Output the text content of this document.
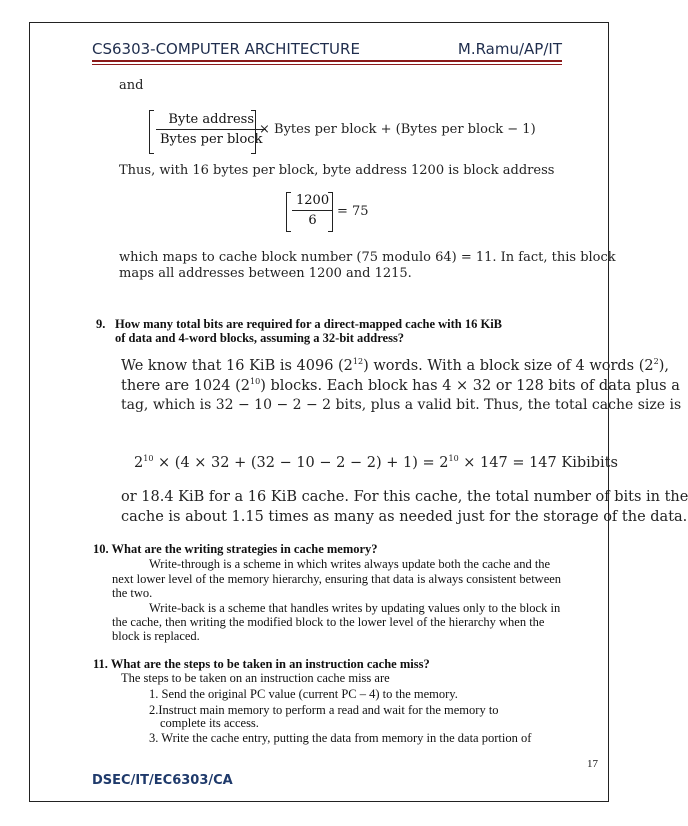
CS6303-COMPUTER ARCHITECTURE	M.Ramu/AP/IT
and
Byte address
Bytes per block
× Bytes per block + (Bytes per block − 1)
Thus, with 16 bytes per block, byte address 1200 is block address
$\frac{1200}{6} = 75$
which maps to cache block number (75 modulo 64) = 11. In fact, this block
maps all addresses between 1200 and 1215.
9. How many total bits are required for a direct-mapped cache with 16 KiB
of data and 4-word blocks, assuming a 32-bit address?
We know that 16 KiB is 4096 $(2^{12})$ words. With a block size of 4 words $(2^2)$,
there are 1024 $(2^{10})$ blocks. Each block has 4 × 32 or 128 bits of data plus a
tag, which is 32 − 10 − 2 − 2 bits, plus a valid bit. Thus, the total cache size is
$2^{10} \times (4 \times 32 + (32 - 10 - 2 - 2) + 1) = 2^{10} \times 147 = 147$ Kibibits
or 18.4 KiB for a 16 KiB cache. For this cache, the total number of bits in the
cache is about 1.15 times as many as needed just for the storage of the data.
10. What are the writing strategies in cache memory?
Write-through is a scheme in which writes always update both the cache and the
next lower level of the memory hierarchy, ensuring that data is always consistent between
the two.
Write-back is a scheme that handles writes by updating values only to the block in
the cache, then writing the modified block to the lower level of the hierarchy when the
block is replaced.
11. What are the steps to be taken in an instruction cache miss?
The steps to be taken on an instruction cache miss are
1. Send the original PC value (current PC – 4) to the memory.
2.Instruct main memory to perform a read and wait for the memory to
complete its access.
3. Write the cache entry, putting the data from memory in the data portion of
17
DSEC/IT/EC6303/CA
